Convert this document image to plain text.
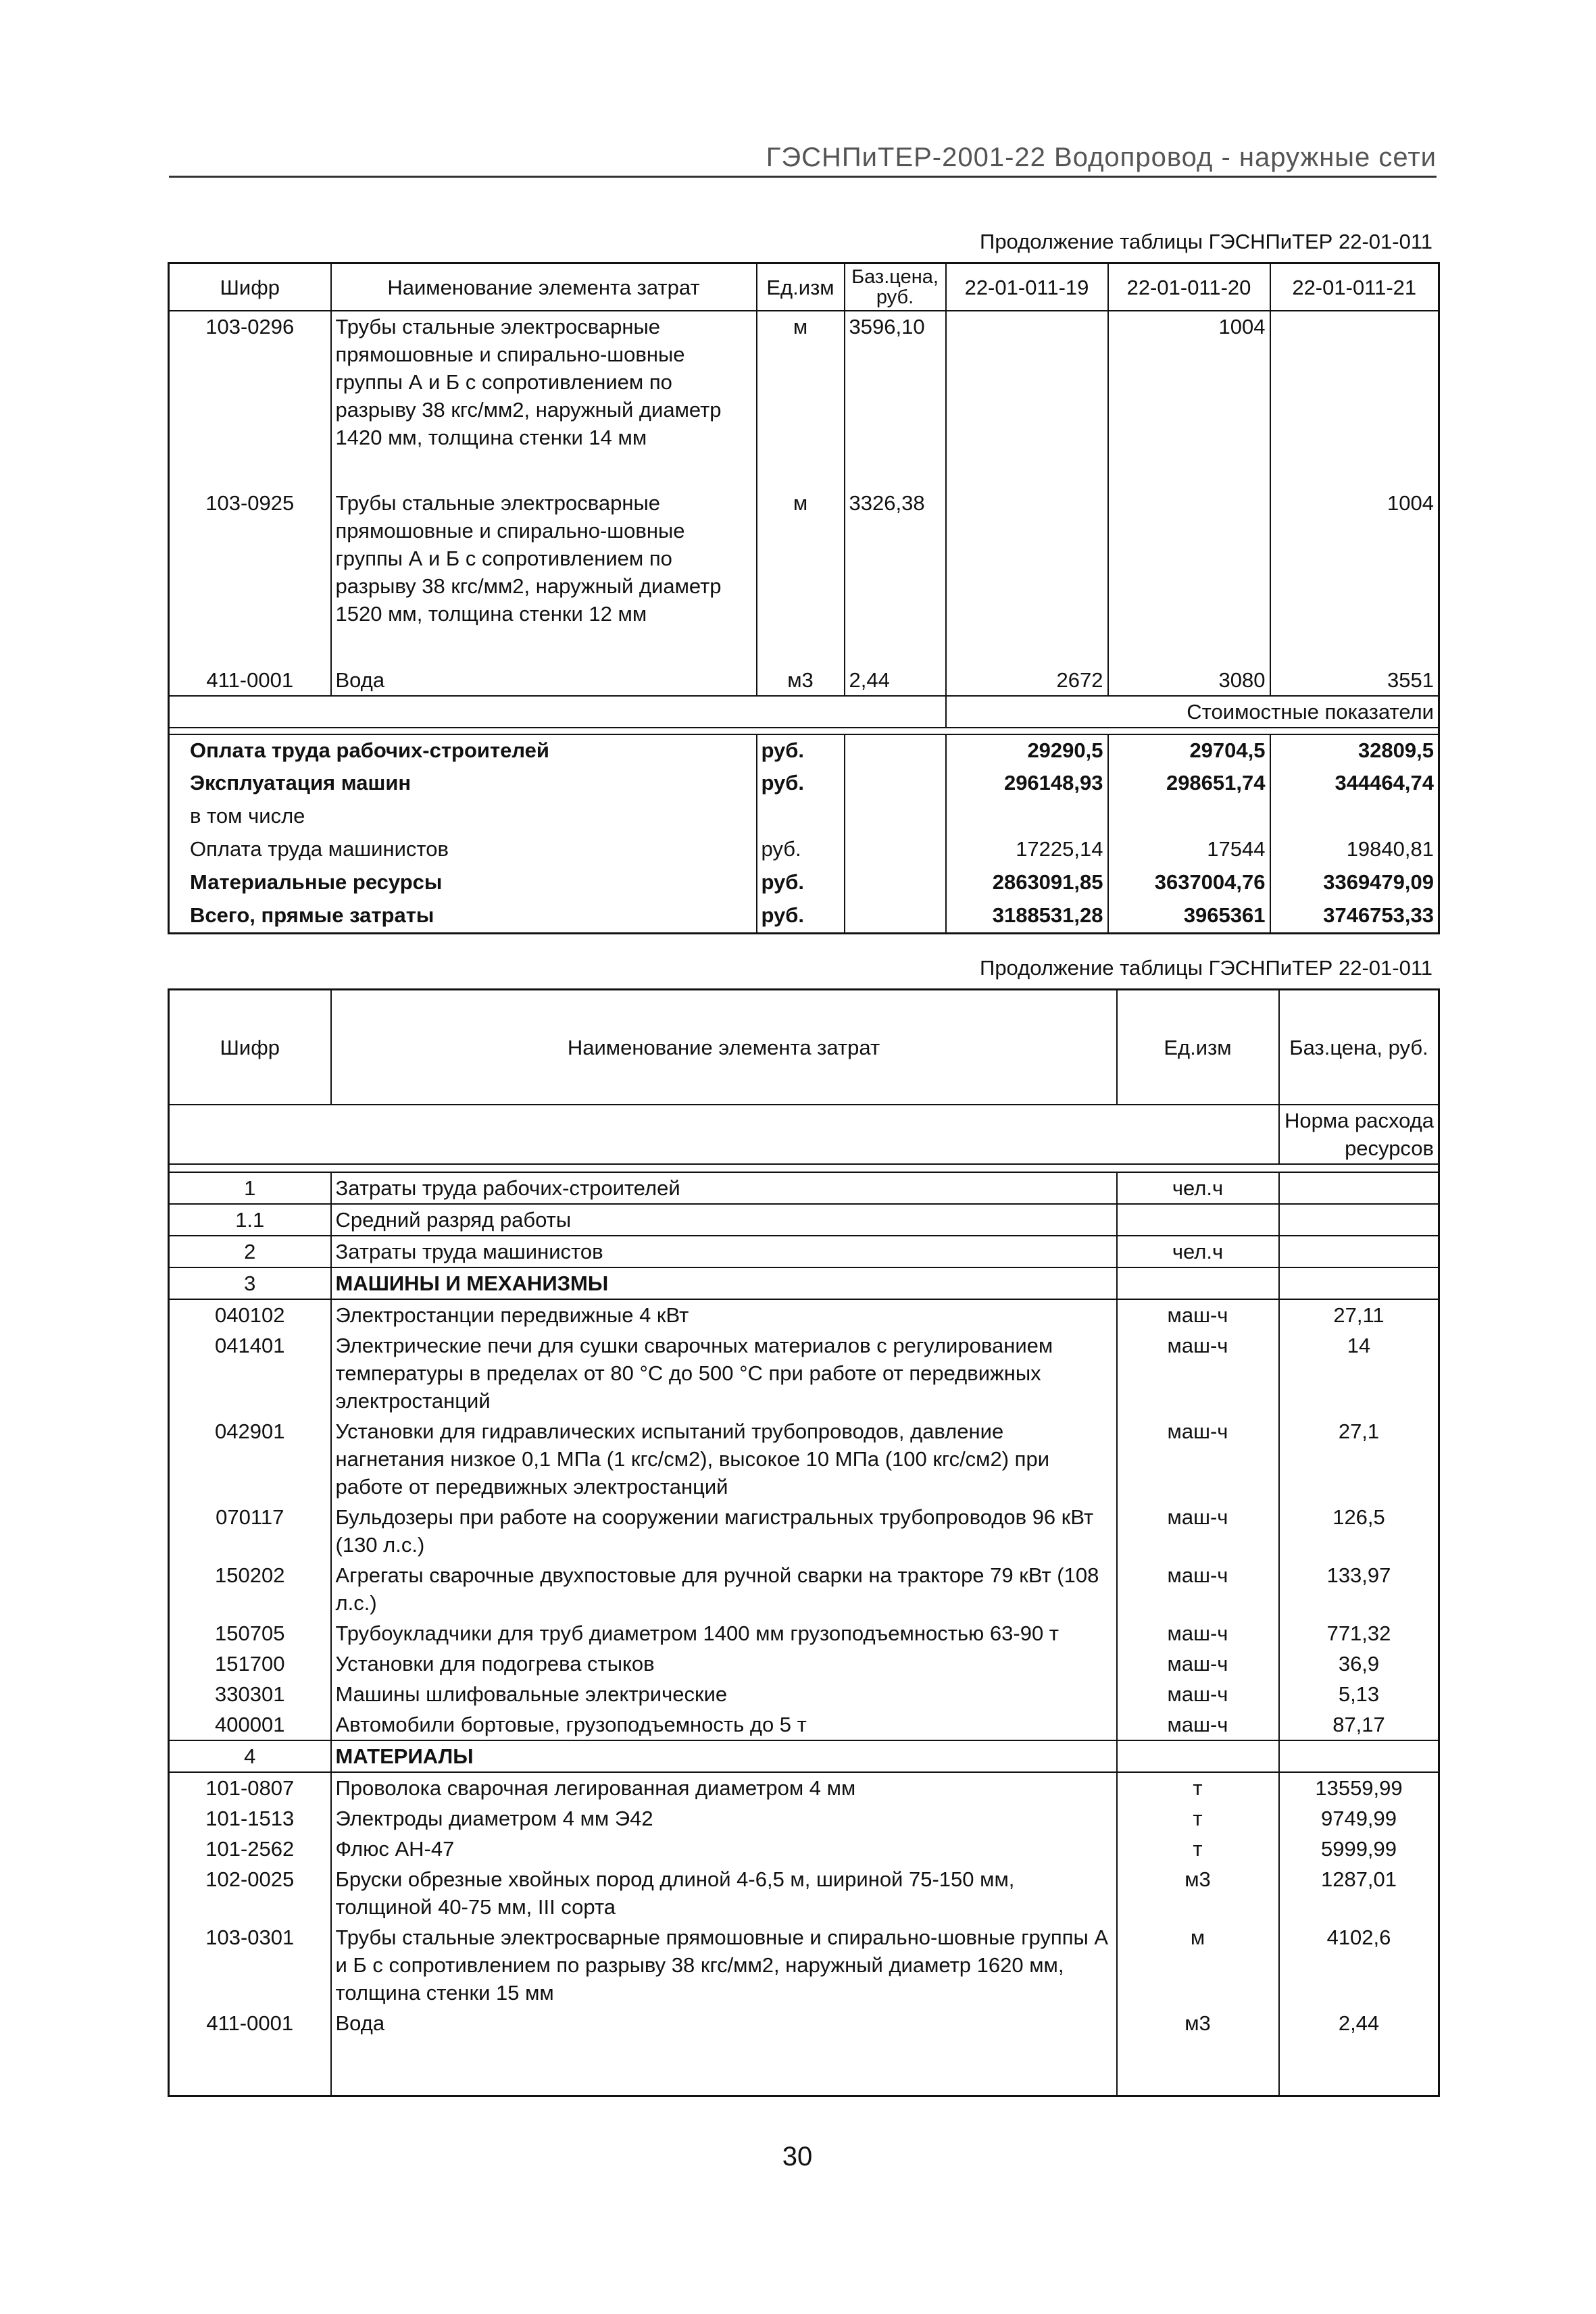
ГЭСНПиТЕР-2001-22 Водопровод - наружные сети
Продолжение таблицы ГЭСНПиТЕР 22-01-011
Шифр	Наименование элемента затрат	Ед.изм	Баз.цена, руб.	22-01-011-19	22-01-011-20	22-01-011-21
103-0296	Трубы стальные электросварные прямошовные и спирально-шовные группы А и Б с сопротивлением по разрыву 38 кгс/мм2, наружный диаметр 1420 мм, толщина стенки 14 мм	м	3596,10		1004	
103-0925	Трубы стальные электросварные прямошовные и спирально-шовные группы А и Б с сопротивлением по разрыву 38 кгс/мм2, наружный диаметр 1520 мм, толщина стенки 12 мм	м	3326,38			1004
411-0001	Вода	м3	2,44	2672	3080	3551
				Стоимостные показатели		

Оплата труда рабочих-строителей		руб.		29290,5	29704,5	32809,5
Эксплуатация машин		руб.		296148,93	298651,74	344464,74
в том числе						
Оплата труда машинистов		руб.		17225,14	17544	19840,81
Материальные ресурсы		руб.		2863091,85	3637004,76	3369479,09
Всего, прямые затраты		руб.		3188531,28	3965361	3746753,33
Продолжение таблицы ГЭСНПиТЕР 22-01-011
Шифр	Наименование элемента затрат	Ед.изм	Баз.цена, руб.	
			Норма расхода ресурсов	

1	Затраты труда рабочих-строителей	чел.ч		
1.1	Средний разряд работы			
2	Затраты труда машинистов	чел.ч		
3	МАШИНЫ И МЕХАНИЗМЫ			
040102	Электростанции передвижные 4 кВт	маш-ч	27,11	
041401	Электрические печи для сушки сварочных материалов с регулированием температуры в пределах от 80 °С до 500 °С при работе от передвижных электростанций	маш-ч	14	
042901	Установки для гидравлических испытаний трубопроводов, давление нагнетания низкое 0,1 МПа (1 кгс/см2), высокое 10 МПа (100 кгс/см2) при работе от передвижных электростанций	маш-ч	27,1	
070117	Бульдозеры при работе на сооружении магистральных трубопроводов 96 кВт (130 л.с.)	маш-ч	126,5	
150202	Агрегаты сварочные двухпостовые для ручной сварки на тракторе 79 кВт (108 л.с.)	маш-ч	133,97	
150705	Трубоукладчики для труб диаметром 1400 мм грузоподъемностью 63-90 т	маш-ч	771,32	
151700	Установки для подогрева стыков	маш-ч	36,9	
330301	Машины шлифовальные электрические	маш-ч	5,13	
400001	Автомобили бортовые, грузоподъемность до 5 т	маш-ч	87,17	
4	МАТЕРИАЛЫ			
101-0807	Проволока сварочная легированная диаметром 4 мм	т	13559,99	
101-1513	Электроды диаметром 4 мм Э42	т	9749,99	
101-2562	Флюс АН-47	т	5999,99	
102-0025	Бруски обрезные хвойных пород длиной 4-6,5 м, шириной 75-150 мм, толщиной 40-75 мм, III сорта	м3	1287,01	
103-0301	Трубы стальные электросварные прямошовные и спирально-шовные группы А и Б с сопротивлением по разрыву 38 кгс/мм2, наружный диаметр 1620 мм, толщина стенки 15 мм	м	4102,6	
411-0001	Вода	м3	2,44	
30
